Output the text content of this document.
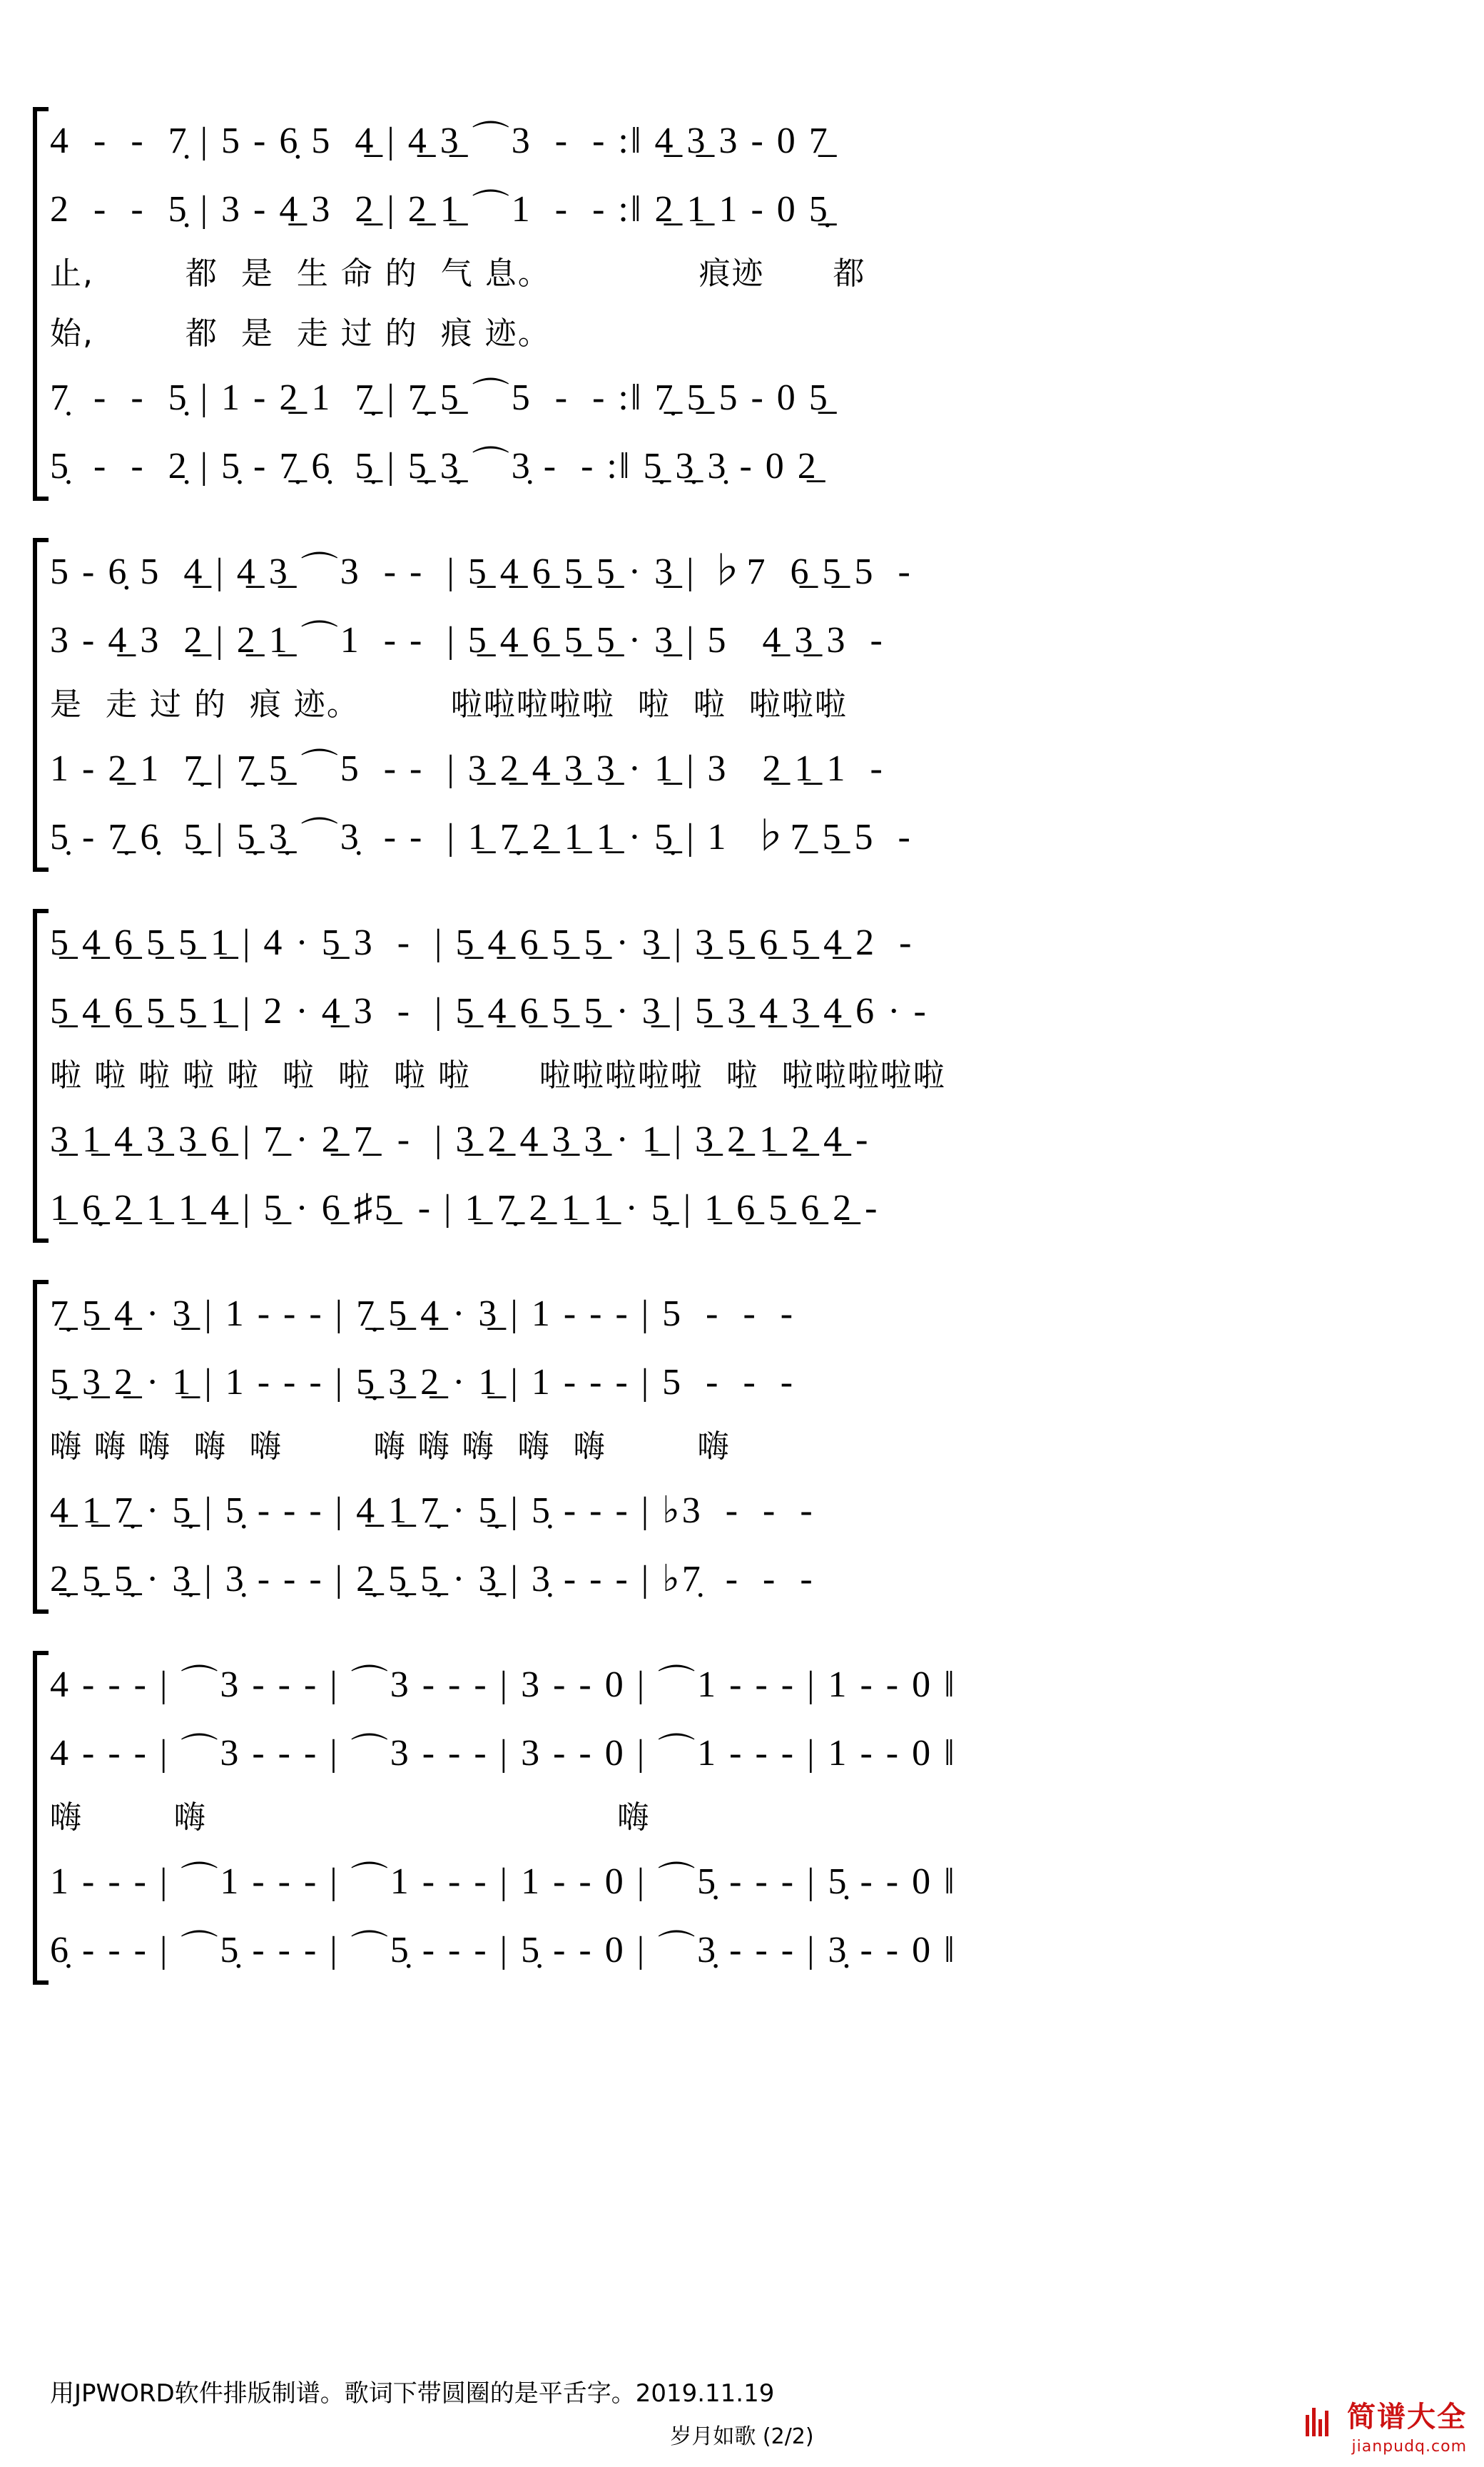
4  -  -  7̣ | 5 - 6̣ 5  4̲ | 4̲ 3̲ ⌒3  -  - :‖ 4̲ 3̲ 3 - 0 7̲
2  -  -  5̣ | 3 - 4̲ 3  2̲ | 2̲ 1̲ ⌒1  -  - :‖ 2̲ 1̲ 1 - 0 5̣̲
止,        都  是  生 命 的  气 息。             痕迹      都
始,        都  是  走 过 的  痕 迹。
7̣  -  -  5̣ | 1 - 2̲ 1  7̣̲ | 7̣̲ 5̲ ⌒5  -  - :‖ 7̣̲ 5̲ 5 - 0 5̲
5̣  -  -  2̣ | 5̣ - 7̣̲ 6̣  5̣̲ | 5̣̲ 3̣̲ ⌒3̣ -  - :‖ 5̣̲ 3̣̲ 3̣ - 0 2̲
5 - 6̣ 5  4̲ | 4̲ 3̲ ⌒3  - -  | 5̲ 4̲ 6̲ 5̲ 5̲ · 3̲ | ♭7  6̲ 5̲ 5  -
3 - 4̲ 3  2̲ | 2̲ 1̲ ⌒1  - -  | 5̲ 4̲ 6̲ 5̲ 5̲ · 3̲ | 5   4̲ 3̲ 3  -
是  走 过 的  痕 迹。        啦啦啦啦啦  啦  啦  啦啦啦
1 - 2̲ 1  7̣̲ | 7̣̲ 5̲ ⌒5  - -  | 3̲ 2̲ 4̲ 3̲ 3̲ · 1̲ | 3   2̲ 1̲ 1  -
5̣ - 7̣̲ 6̣  5̣̲ | 5̣̲ 3̣̲ ⌒3̣  - -  | 1̲ 7̣̲ 2̲ 1̲ 1̲ · 5̣̲ | 1  ♭7̲ 5̲ 5  -
5̲ 4̲ 6̲ 5̲ 5̲ 1̲ | 4 · 5̲ 3  -  | 5̲ 4̲ 6̲ 5̲ 5̲ · 3̲ | 3̲ 5̲ 6̲ 5̲ 4̲ 2  -
5̲ 4̲ 6̲ 5̲ 5̲ 1̲ | 2 · 4̲ 3  -  | 5̲ 4̲ 6̲ 5̲ 5̲ · 3̲ | 5̲ 3̲ 4̲ 3̲ 4̲ 6 · -
啦 啦 啦 啦 啦  啦  啦  啦 啦      啦啦啦啦啦  啦  啦啦啦啦啦
3̲ 1̲ 4̲ 3̲ 3̲ 6̲ | 7̲ · 2̲ 7̲  -  | 3̲ 2̲ 4̲ 3̲ 3̲ · 1̲ | 3̲ 2̲ 1̲ 2̲ 4̲ -
1̲ 6̣̲ 2̲ 1̲ 1̲ 4̲ | 5̲ · 6̲ ♯5̲  - | 1̲ 7̣̲ 2̲ 1̲ 1̲ · 5̣̲ | 1̲ 6̲ 5̲ 6̲ 2̲ -
7̣̲ 5̲ 4̲ · 3̲ | 1 - - - | 7̣̲ 5̲ 4̲ · 3̲ | 1 - - - | 5  -  -  -
5̣̲ 3̲ 2̲ · 1̲ | 1 - - - | 5̣̲ 3̲ 2̲ · 1̲ | 1 - - - | 5  -  -  -
嗨 嗨 嗨  嗨  嗨        嗨 嗨 嗨  嗨  嗨        嗨
4̲ 1̲ 7̣̲ · 5̣̲ | 5̣ - - - | 4̲ 1̲ 7̣̲ · 5̣̲ | 5̣ - - - | ♭3  -  -  -
2̣̲ 5̣̲ 5̣̲ · 3̣̲ | 3̣ - - - | 2̣̲ 5̣̲ 5̣̲ · 3̣̲ | 3̣ - - - | ♭7̣  -  -  -
4 - - - | ⌒3 - - - | ⌒3 - - - | 3 - - 0 | ⌒1 - - - | 1 - - 0 ‖
4 - - - | ⌒3 - - - | ⌒3 - - - | 3 - - 0 | ⌒1 - - - | 1 - - 0 ‖
嗨        嗨                                    嗨
1 - - - | ⌒1 - - - | ⌒1 - - - | 1 - - 0 | ⌒5̣ - - - | 5̣ - - 0 ‖
6̣ - - - | ⌒5̣ - - - | ⌒5̣ - - - | 5̣ - - 0 | ⌒3̣ - - - | 3̣ - - 0 ‖
用JPWORD软件排版制谱。歌词下带圆圈的是平舌字。2019.11.19
岁月如歌 (2/2)
简谱大全
jianpudq.com
